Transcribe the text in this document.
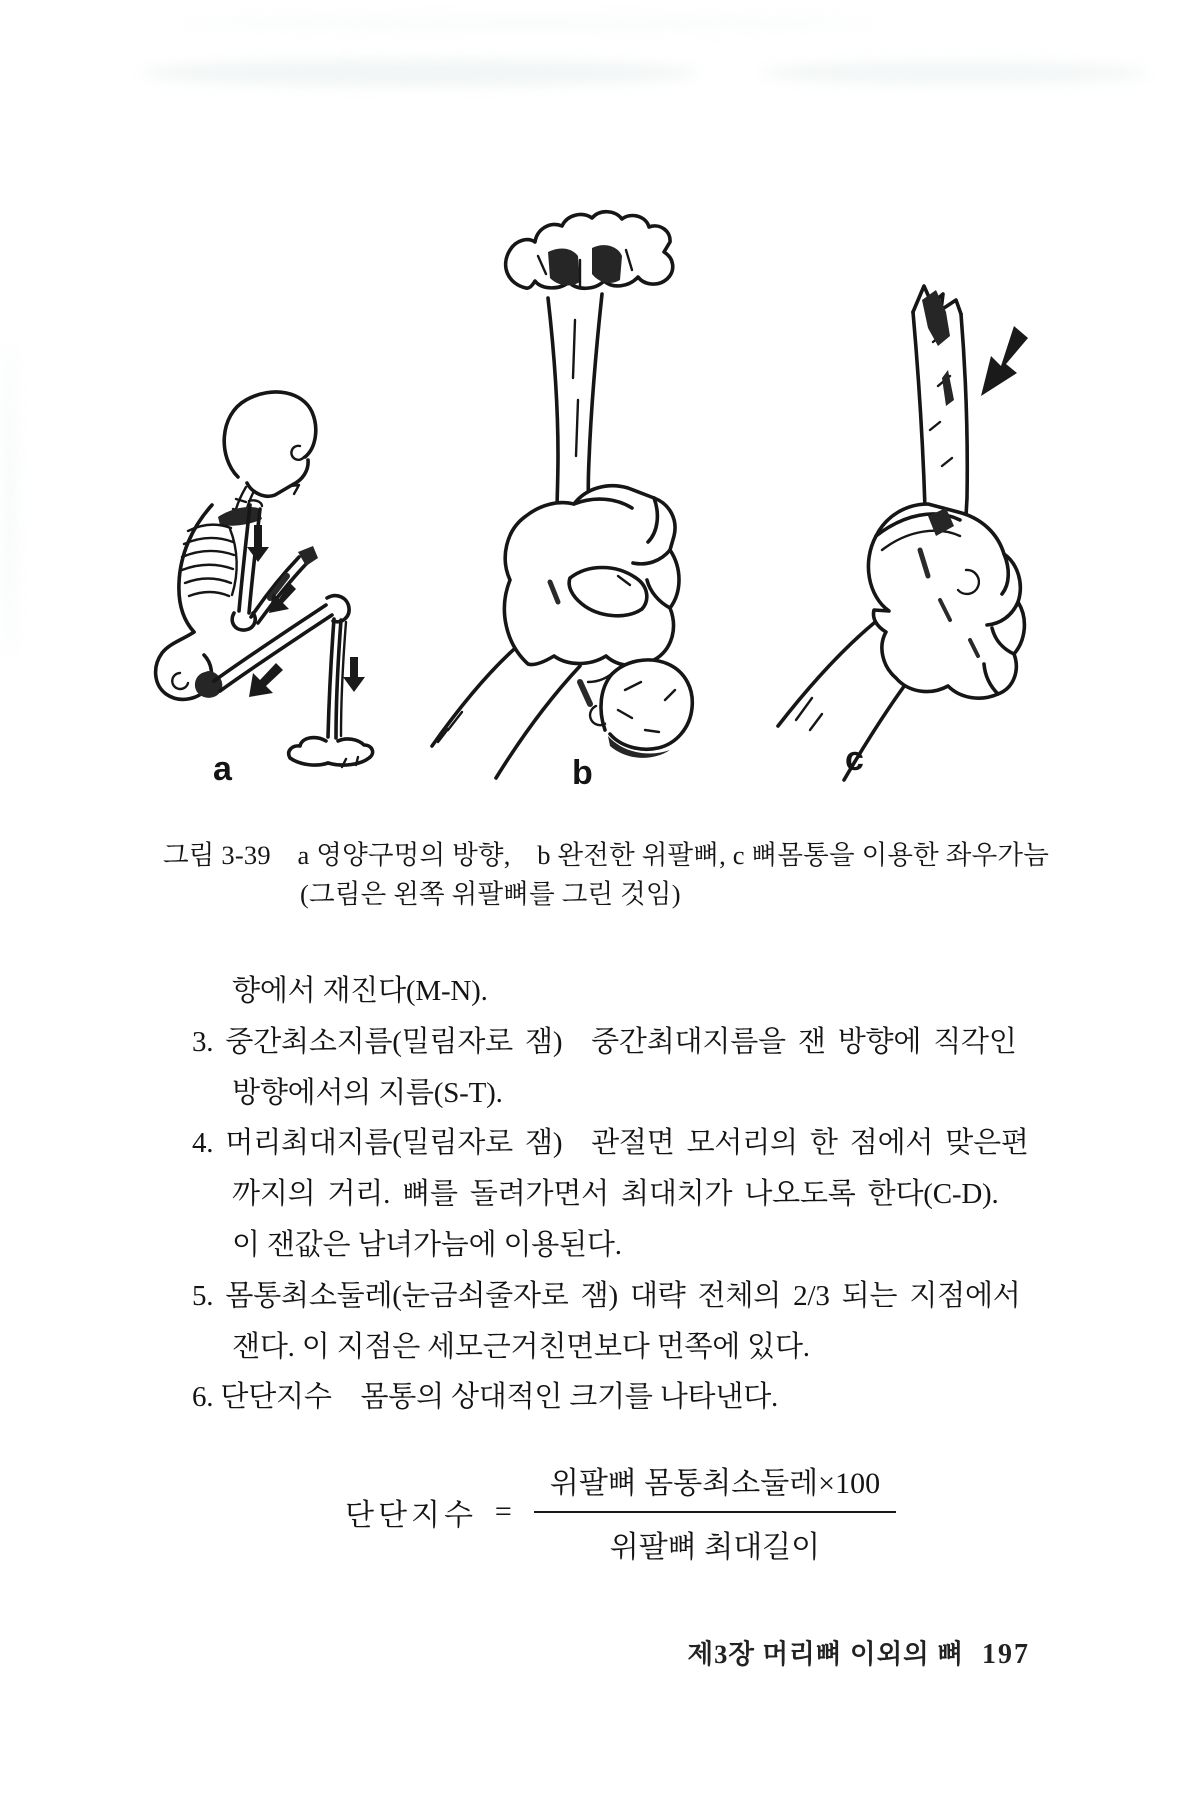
a	b	c
그림 3-39　a 영양구멍의 방향,　b 완전한 위팔뼈, c 뼈몸통을 이용한 좌우가늠
(그림은 왼쪽 위팔뼈를 그린 것임)
향에서 재진다(M-N).
3. 중간최소지름(밀림자로 잼)　중간최대지름을 잰 방향에 직각인
방향에서의 지름(S-T).
4. 머리최대지름(밀림자로 잼)　관절면 모서리의 한 점에서 맞은편
까지의 거리. 뼈를 돌려가면서 최대치가 나오도록 한다(C-D).
이 잰값은 남녀가늠에 이용된다.
5. 몸통최소둘레(눈금쇠줄자로 잼) 대략 전체의 2/3 되는 지점에서
잰다. 이 지점은 세모근거친면보다 먼쪽에 있다.
6. 단단지수　몸통의 상대적인 크기를 나타낸다.
단단지수 = $\frac{\text{위팔뼈 몸통최소둘레×100}}{\text{위팔뼈 최대길이}}$
제3장 머리뼈 이외의 뼈 197
